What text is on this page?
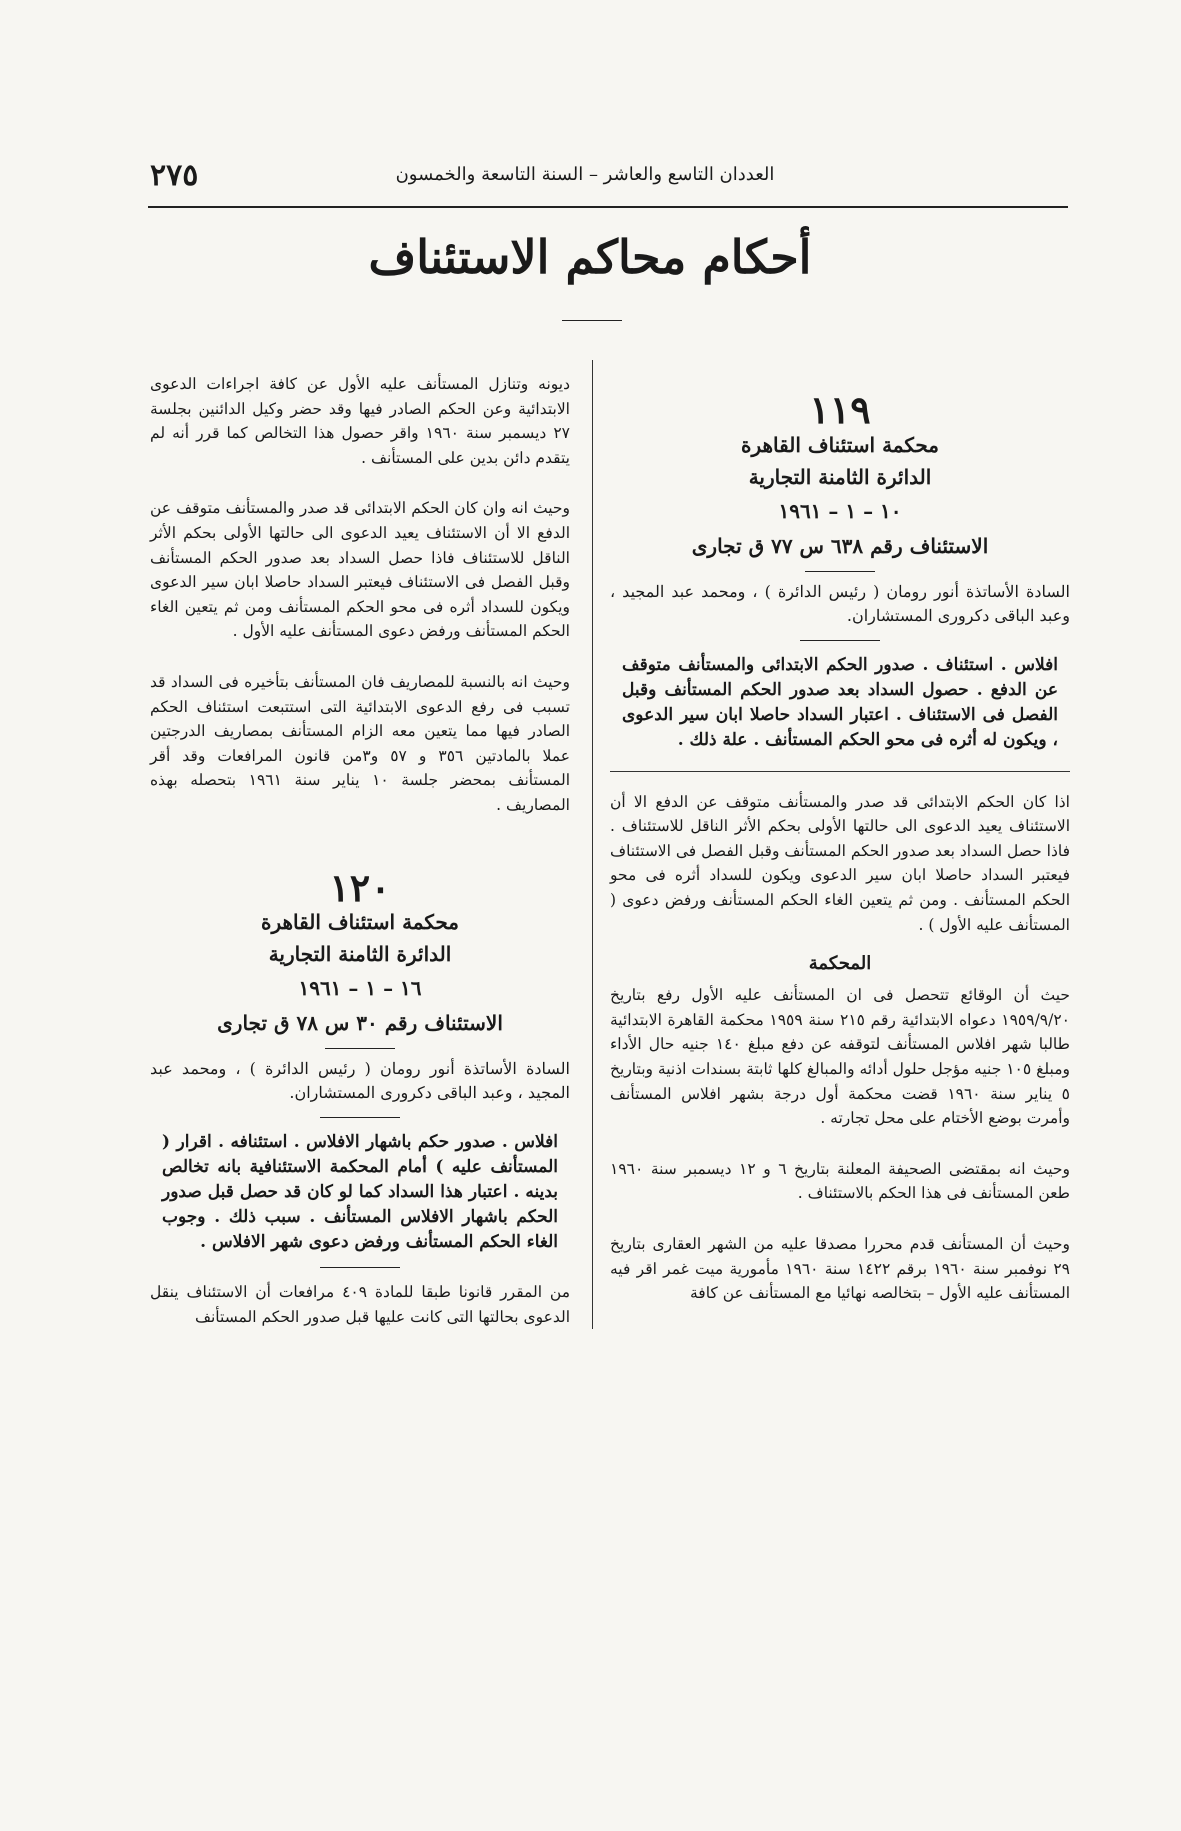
٢٧٥	العددان التاسع والعاشر – السنة التاسعة والخمسون
أحكام محاكم الاستئناف
١١٩
محكمة استئناف القاهرة
الدائرة الثامنة التجارية
١٠ – ١ – ١٩٦١
الاستئناف رقم ٦٣٨ س ٧٧ ق تجارى

السادة الأساتذة أنور رومان ( رئيس الدائرة ) ، ومحمد عبد المجيد ، وعبد الباقى دكرورى المستشاران.

افلاس . استئناف . صدور الحكم الابتدائى والمستأنف متوقف عن الدفع . حصول السداد بعد صدور الحكم المستأنف وقبل الفصل فى الاستئناف . اعتبار السداد حاصلا ابان سير الدعوى ، ويكون له أثره فى محو الحكم المستأنف . علة ذلك .

اذا كان الحكم الابتدائى قد صدر والمستأنف متوقف عن الدفع الا أن الاستئناف يعيد الدعوى الى حالتها الأولى بحكم الأثر الناقل للاستئناف . فاذا حصل السداد بعد صدور الحكم المستأنف وقبل الفصل فى الاستئناف فيعتبر السداد حاصلا ابان سير الدعوى ويكون للسداد أثره فى محو الحكم المستأنف . ومن ثم يتعين الغاء الحكم المستأنف ورفض دعوى ( المستأنف عليه الأول ) .

المحكمة

حيث أن الوقائع تتحصل فى ان المستأنف عليه الأول رفع بتاريخ ١٩٥٩/٩/٢٠ دعواه الابتدائية رقم ٢١٥ سنة ١٩٥٩ محكمة القاهرة الابتدائية طالبا شهر افلاس المستأنف لتوقفه عن دفع مبلغ ١٤٠ جنيه حال الأداء ومبلغ ١٠٥ جنيه مؤجل حلول أدائه والمبالغ كلها ثابتة بسندات اذنية وبتاريخ ٥ يناير سنة ١٩٦٠ قضت محكمة أول درجة بشهر افلاس المستأنف وأمرت بوضع الأختام على محل تجارته .

وحيث انه بمقتضى الصحيفة المعلنة بتاريخ ٦ و ١٢ ديسمبر سنة ١٩٦٠ طعن المستأنف فى هذا الحكم بالاستئناف .

وحيث أن المستأنف قدم محررا مصدقا عليه من الشهر العقارى بتاريخ ٢٩ نوفمبر سنة ١٩٦٠ برقم ١٤٢٢ سنة ١٩٦٠ مأمورية ميت غمر اقر فيه المستأنف عليه الأول – بتخالصه نهائيا مع المستأنف عن كافة

ديونه وتنازل المستأنف عليه الأول عن كافة اجراءات الدعوى الابتدائية وعن الحكم الصادر فيها وقد حضر وكيل الدائنين بجلسة ٢٧ ديسمبر سنة ١٩٦٠ واقر حصول هذا التخالص كما قرر أنه لم يتقدم دائن بدين على المستأنف .

وحيث انه وان كان الحكم الابتدائى قد صدر والمستأنف متوقف عن الدفع الا أن الاستئناف يعيد الدعوى الى حالتها الأولى بحكم الأثر الناقل للاستئناف فاذا حصل السداد بعد صدور الحكم المستأنف وقبل الفصل فى الاستئناف فيعتبر السداد حاصلا ابان سير الدعوى ويكون للسداد أثره فى محو الحكم المستأنف ومن ثم يتعين الغاء الحكم المستأنف ورفض دعوى المستأنف عليه الأول .

وحيث انه بالنسبة للمصاريف فان المستأنف بتأخيره فى السداد قد تسبب فى رفع الدعوى الابتدائية التى استتبعت استئناف الحكم الصادر فيها مما يتعين معه الزام المستأنف بمصاريف الدرجتين عملا بالمادتين ٣٥٦ و ٥٧ و٣من قانون المرافعات وقد أقر المستأنف بمحضر جلسة ١٠ يناير سنة ١٩٦١ بتحصله بهذه المصاريف .

١٢٠
محكمة استئناف القاهرة
الدائرة الثامنة التجارية
١٦ – ١ – ١٩٦١
الاستئناف رقم ٣٠ س ٧٨ ق تجارى

السادة الأساتذة أنور رومان ( رئيس الدائرة ) ، ومحمد عبد المجيد ، وعبد الباقى دكرورى المستشاران.

افلاس . صدور حكم باشهار الافلاس . استئنافه . اقرار ( المستأنف عليه ) أمام المحكمة الاستئنافية بانه تخالص بدينه . اعتبار هذا السداد كما لو كان قد حصل قبل صدور الحكم باشهار الافلاس المستأنف . سبب ذلك . وجوب الغاء الحكم المستأنف ورفض دعوى شهر الافلاس .

من المقرر قانونا طبقا للمادة ٤٠٩ مرافعات أن الاستئناف ينقل الدعوى بحالتها التى كانت عليها قبل صدور الحكم المستأنف
